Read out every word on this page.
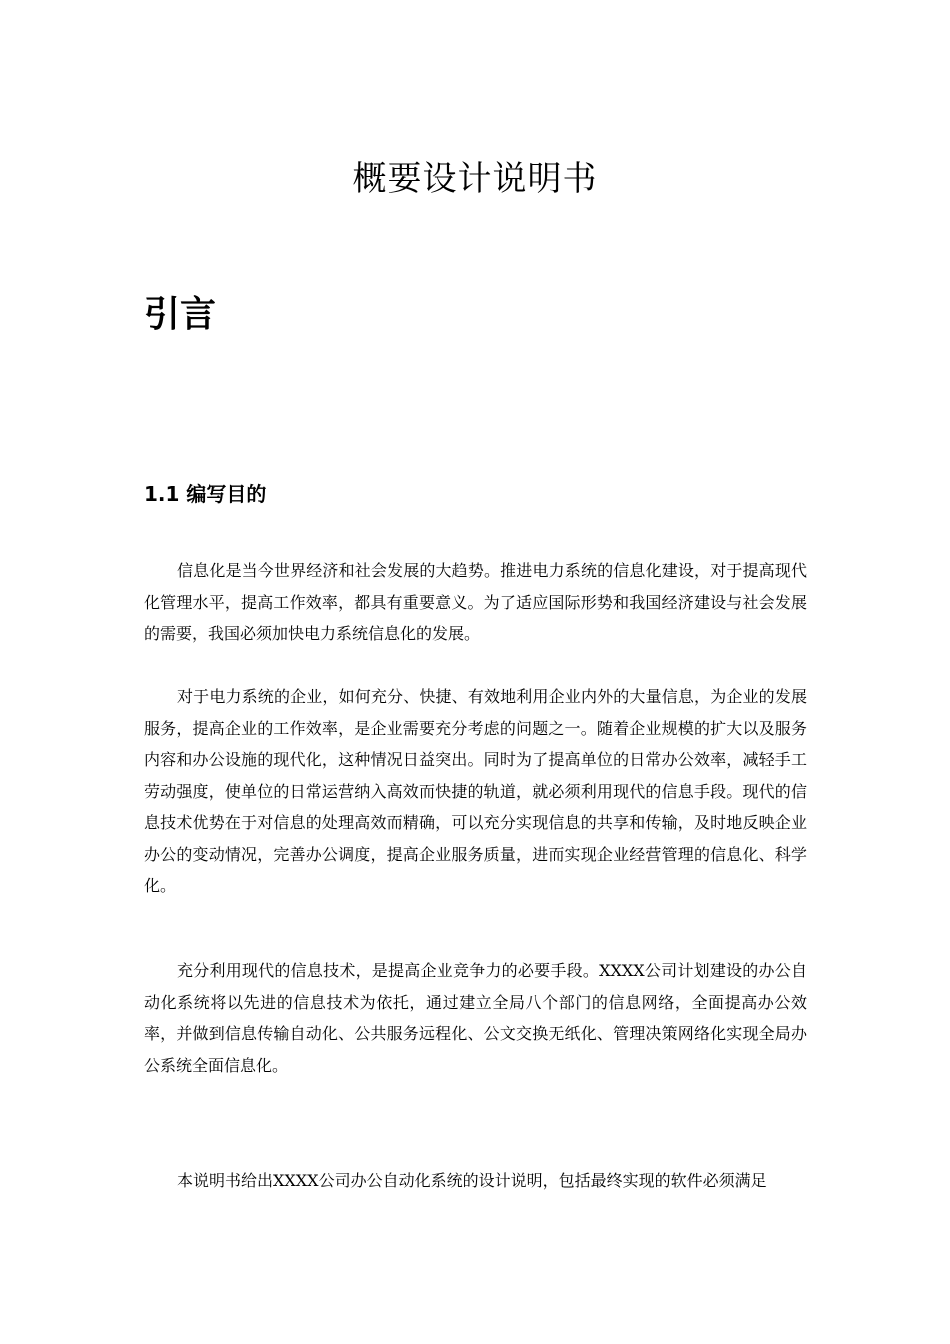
概要设计说明书
引言
1.1 编写目的

信息化是当今世界经济和社会发展的大趋势。推进电力系统的信息化建设，对于提高现代化管理水平，提高工作效率，都具有重要意义。为了适应国际形势和我国经济建设与社会发展的需要，我国必须加快电力系统信息化的发展。

对于电力系统的企业，如何充分、快捷、有效地利用企业内外的大量信息，为企业的发展服务，提高企业的工作效率，是企业需要充分考虑的问题之一。随着企业规模的扩大以及服务内容和办公设施的现代化，这种情况日益突出。同时为了提高单位的日常办公效率，减轻手工劳动强度，使单位的日常运营纳入高效而快捷的轨道，就必须利用现代的信息手段。现代的信息技术优势在于对信息的处理高效而精确，可以充分实现信息的共享和传输，及时地反映企业办公的变动情况，完善办公调度，提高企业服务质量，进而实现企业经营管理的信息化、科学化。

充分利用现代的信息技术，是提高企业竞争力的必要手段。XXXX公司计划建设的办公自动化系统将以先进的信息技术为依托，通过建立全局八个部门的信息网络，全面提高办公效率，并做到信息传输自动化、公共服务远程化、公文交换无纸化、管理决策网络化实现全局办公系统全面信息化。

本说明书给出XXXX公司办公自动化系统的设计说明，包括最终实现的软件必须满足
